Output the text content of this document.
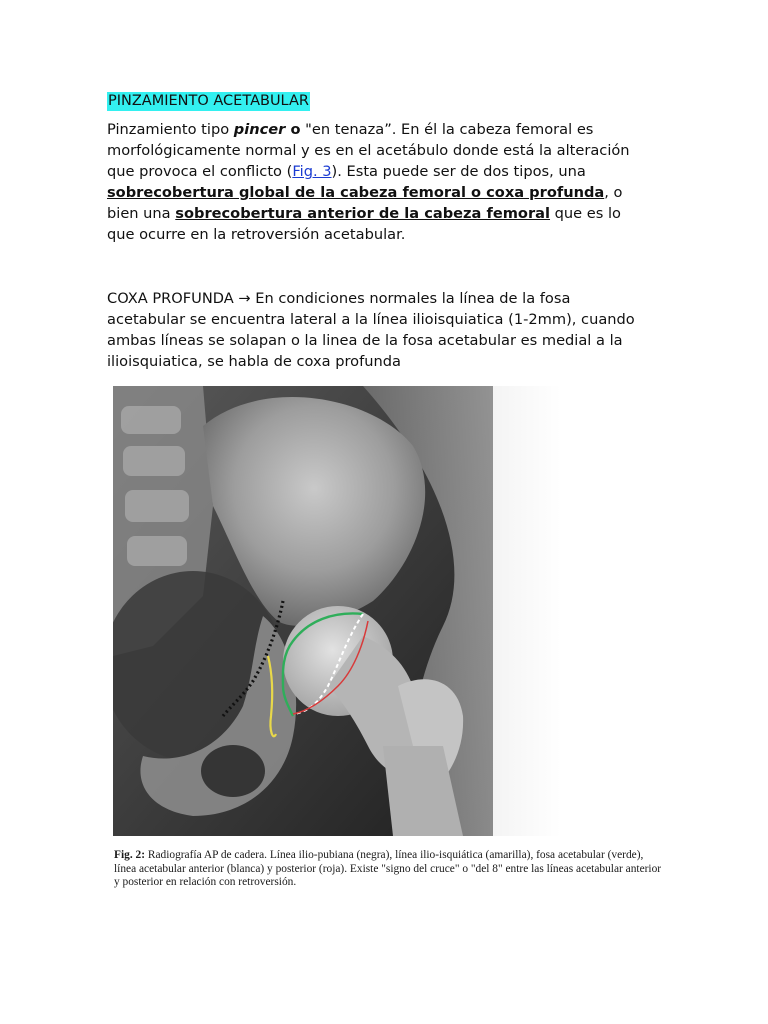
PINZAMIENTO ACETABULAR

Pinzamiento tipo pincer o "en tenaza”. En él la cabeza femoral es morfológicamente normal y es en el acetábulo donde está la alteración que provoca el conflicto (Fig. 3). Esta puede ser de dos tipos, una sobrecobertura global de la cabeza femoral o coxa profunda, o bien una sobrecobertura anterior de la cabeza femoral que es lo que ocurre en la retroversión acetabular.

COXA PROFUNDA → En condiciones normales la línea de la fosa acetabular se encuentra lateral a la línea ilioisquiatica (1-2mm), cuando ambas líneas se solapan o la linea de la fosa acetabular es medial a la ilioisquiatica, se habla de coxa profunda

Fig. 2: Radiografía AP de cadera. Línea ilio-pubiana (negra), línea ilio-isquiática (amarilla), fosa acetabular (verde), línea acetabular anterior (blanca) y posterior (roja). Existe "signo del cruce" o "del 8" entre las líneas acetabular anterior y posterior en relación con retroversión.
